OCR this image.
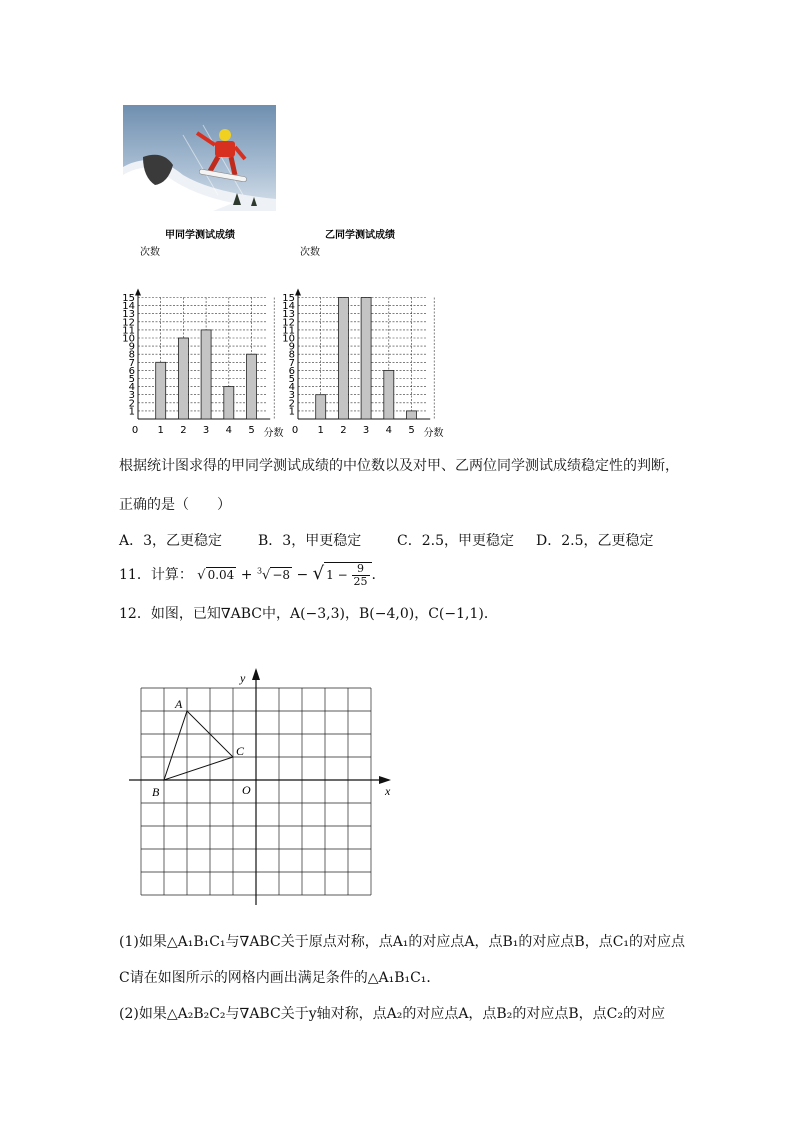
甲同学测试成绩
次数
1
2
3
4
5
6
7
8
9
10
11
12
13
14
15
0 1 2 3 4 5 分数
乙同学测试成绩
次数
1
2
3
4
5
6
7
8
9
10
11
12
13
14
15
0 1 2 3 4 5 分数
根据统计图求得的甲同学测试成绩的中位数以及对甲、乙两位同学测试成绩稳定性的判断，
正确的是（　　）
A．3，乙更稳定	B．3，甲更稳定	C．2.5，甲更稳定 D．2.5，乙更稳定
11．计算： √ 0.04 + $^3$√ −8 − √ $1 - \frac{9}{25}$ .
12．如图，已知∇ABC中，A(−3,3)，B(−4,0)，C(−1,1)．
A
B
C
O	x
y
(1)如果△A₁B₁C₁与∇ABC关于原点对称，点A₁的对应点A，点B₁的对应点B，点C₁的对应点
C请在如图所示的网格内画出满足条件的△A₁B₁C₁．
(2)如果△A₂B₂C₂与∇ABC关于y轴对称，点A₂的对应点A，点B₂的对应点B，点C₂的对应
